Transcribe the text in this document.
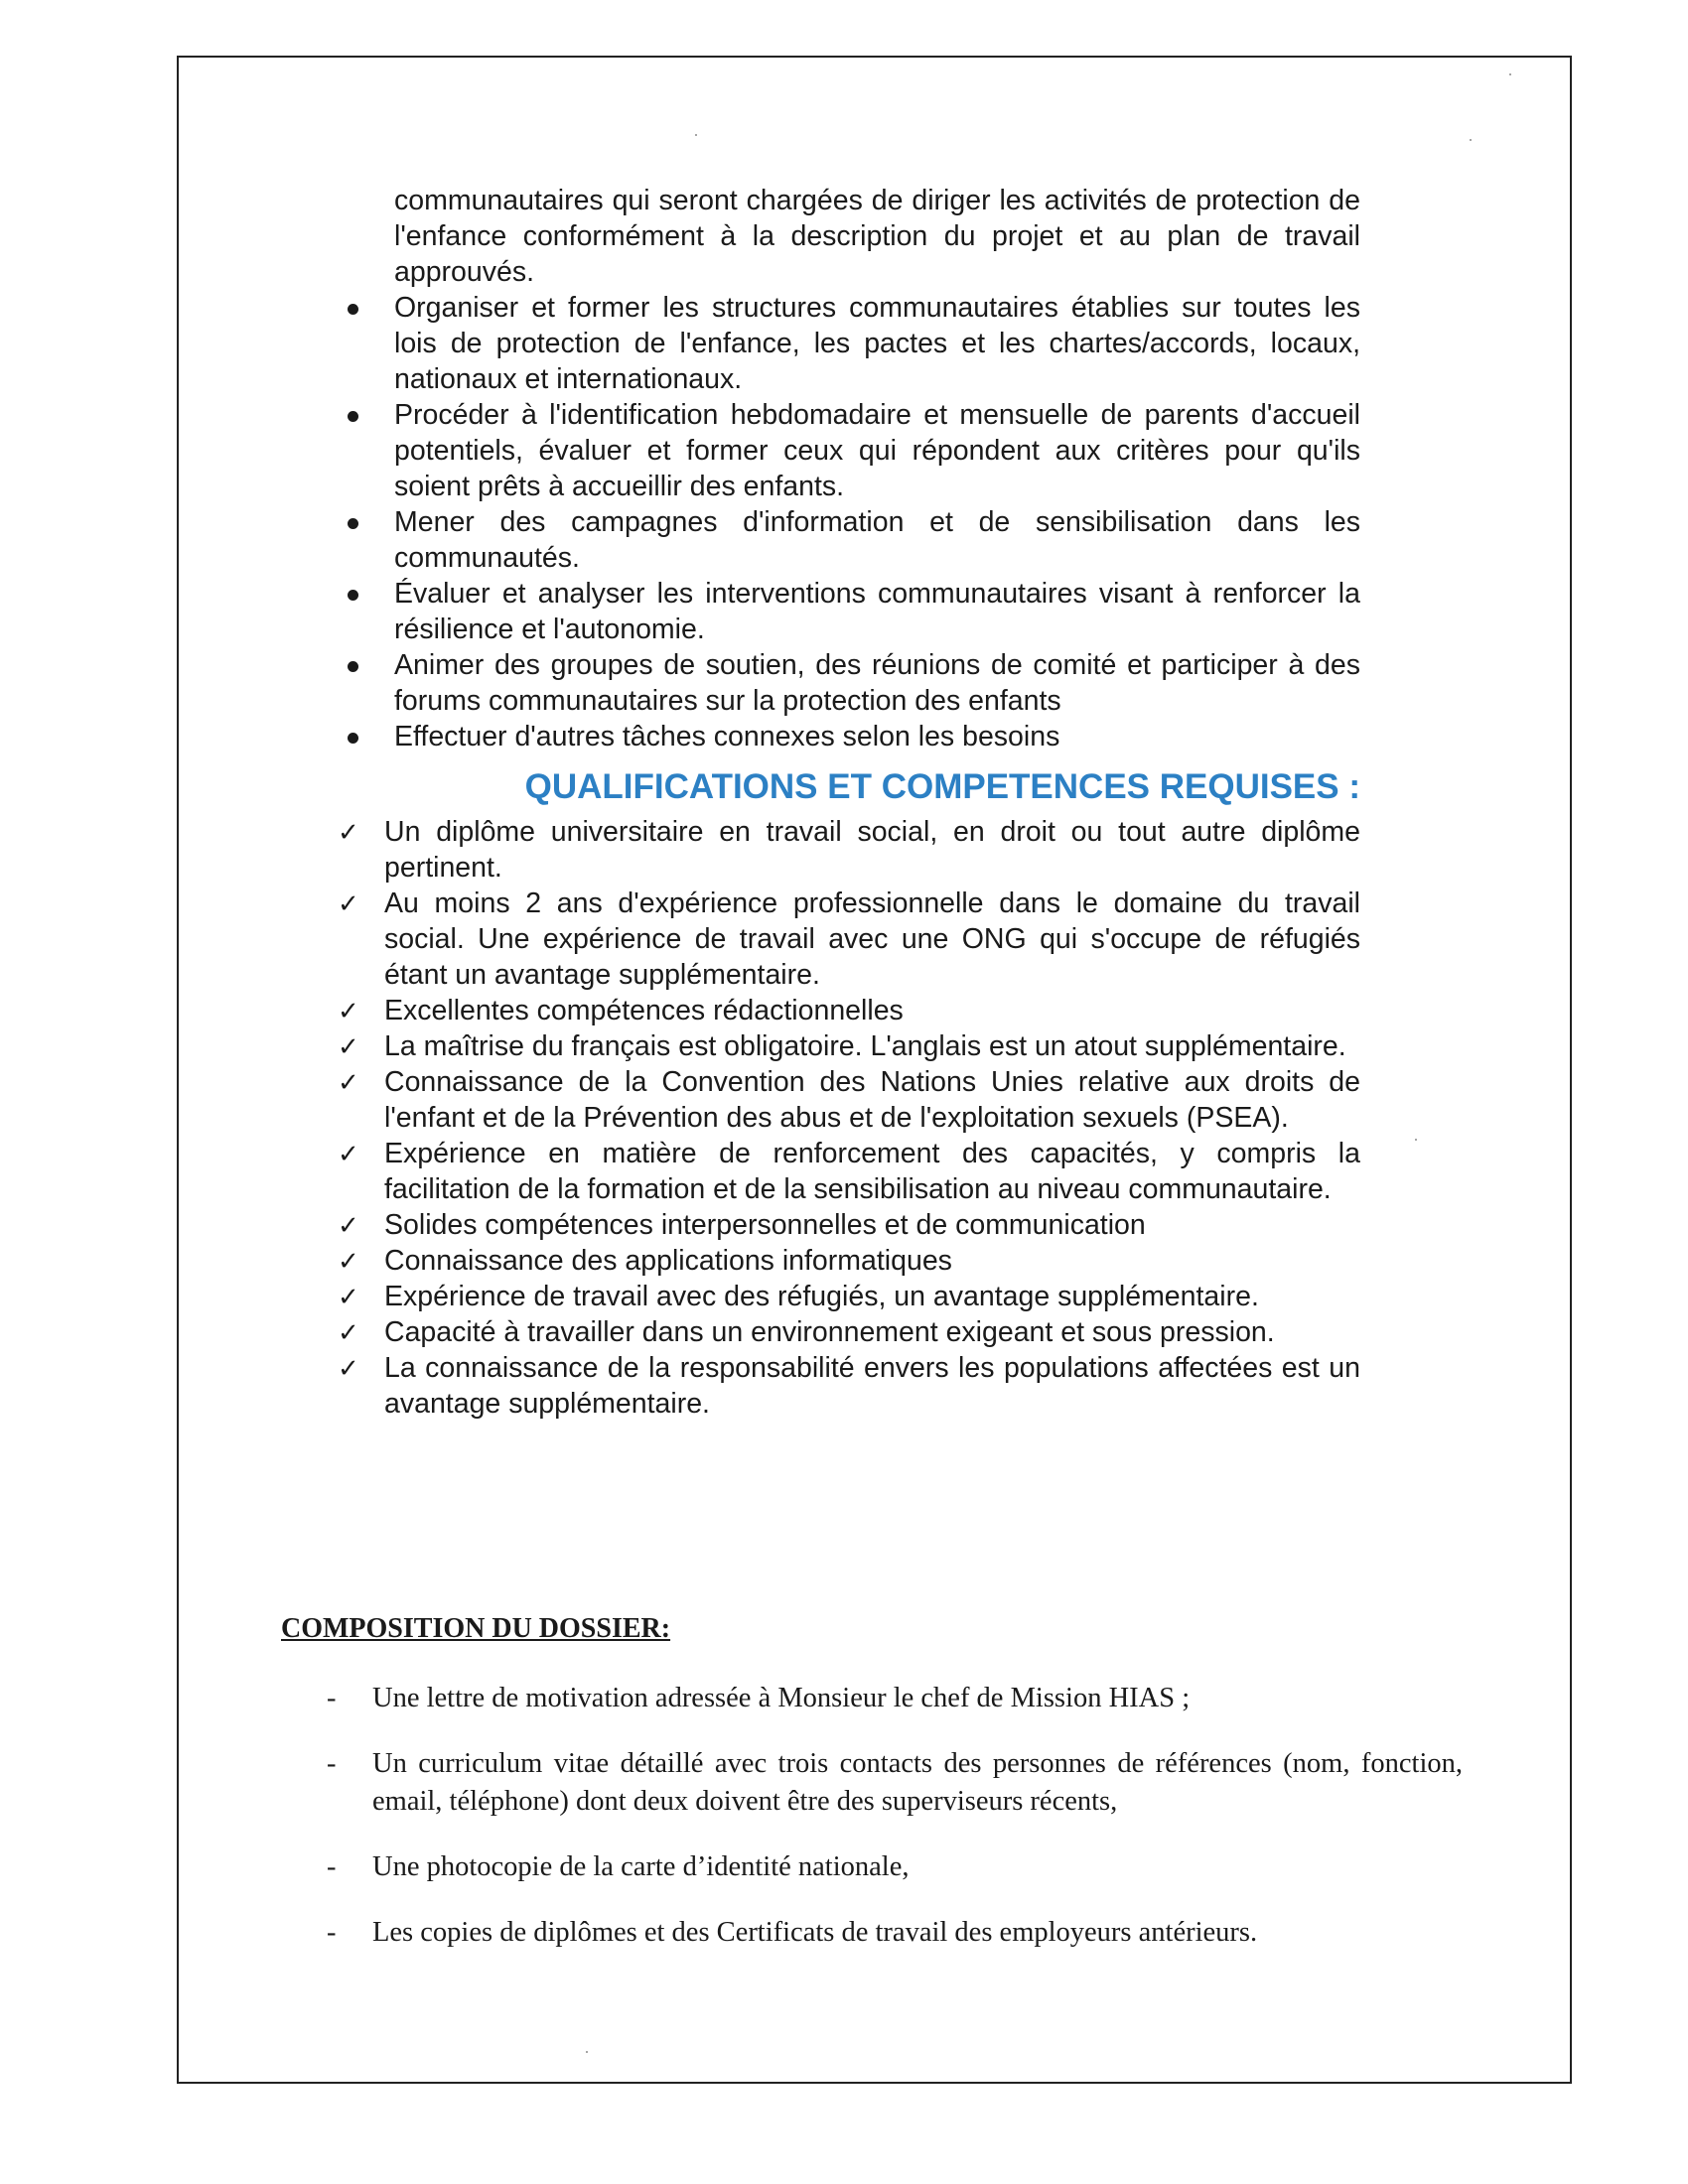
communautaires qui seront chargées de diriger les activités de protection de l'enfance conformément à la description du projet et au plan de travail approuvés.

Organiser et former les structures communautaires établies sur toutes les lois de protection de l'enfance, les pactes et les chartes/accords, locaux, nationaux et internationaux.
Procéder à l'identification hebdomadaire et mensuelle de parents d'accueil potentiels, évaluer et former ceux qui répondent aux critères pour qu'ils soient prêts à accueillir des enfants.
Mener des campagnes d'information et de sensibilisation dans les communautés.
Évaluer et analyser les interventions communautaires visant à renforcer la résilience et l'autonomie.
Animer des groupes de soutien, des réunions de comité et participer à des forums communautaires sur la protection des enfants
Effectuer d'autres tâches connexes selon les besoins
QUALIFICATIONS ET COMPETENCES REQUISES :
✓ Un diplôme universitaire en travail social, en droit ou tout autre diplôme pertinent.
✓ Au moins 2 ans d'expérience professionnelle dans le domaine du travail social. Une expérience de travail avec une ONG qui s'occupe de réfugiés étant un avantage supplémentaire.
✓ Excellentes compétences rédactionnelles
✓ La maîtrise du français est obligatoire. L'anglais est un atout supplémentaire.
✓ Connaissance de la Convention des Nations Unies relative aux droits de l'enfant et de la Prévention des abus et de l'exploitation sexuels (PSEA).
✓ Expérience en matière de renforcement des capacités, y compris la facilitation de la formation et de la sensibilisation au niveau communautaire.
✓ Solides compétences interpersonnelles et de communication
✓ Connaissance des applications informatiques
✓ Expérience de travail avec des réfugiés, un avantage supplémentaire.
✓ Capacité à travailler dans un environnement exigeant et sous pression.
✓ La connaissance de la responsabilité envers les populations affectées est un avantage supplémentaire.
COMPOSITION DU DOSSIER:
- Une lettre de motivation adressée à Monsieur le chef de Mission HIAS ;
- Un curriculum vitae détaillé avec trois contacts des personnes de références (nom, fonction, email, téléphone) dont deux doivent être des superviseurs récents,
- Une photocopie de la carte d’identité nationale,
- Les copies de diplômes et des Certificats de travail des employeurs antérieurs.
